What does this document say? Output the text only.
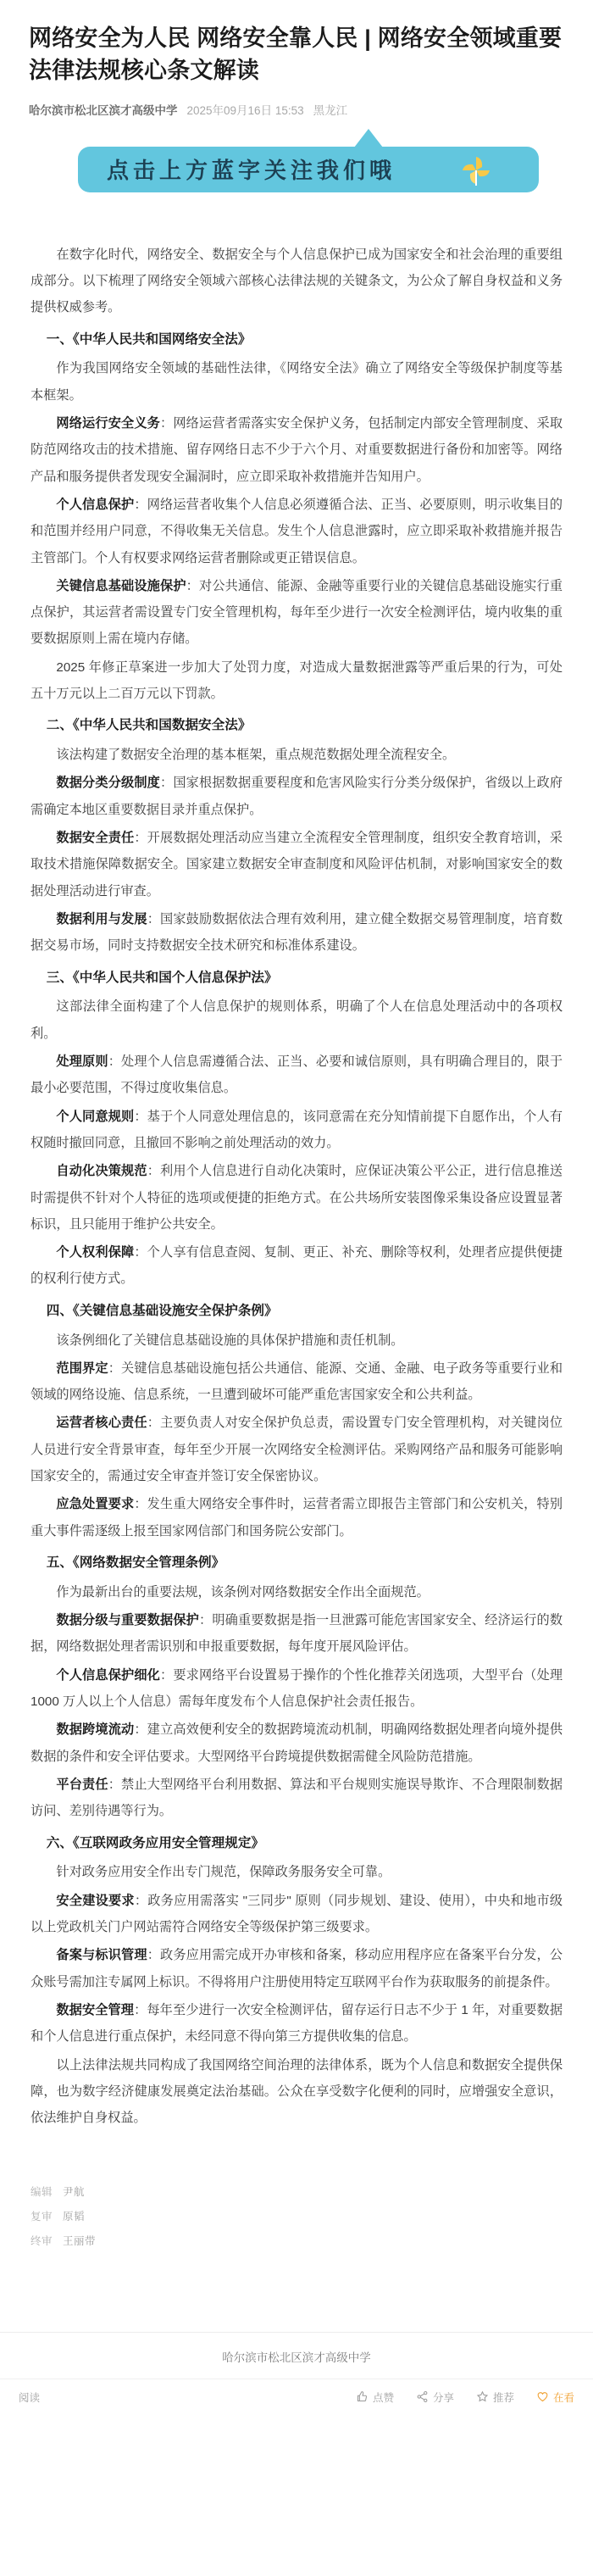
网络安全为人民 网络安全靠人民 | 网络安全领域重要法律法规核心条文解读
哈尔滨市松北区滨才高级中学 2025年09月16日 15:53 黑龙江
点击上方蓝字关注我们哦

在数字化时代，网络安全、数据安全与个人信息保护已成为国家安全和社会治理的重要组成部分。以下梳理了网络安全领域六部核心法律法规的关键条文，为公众了解自身权益和义务提供权威参考。

一、《中华人民共和国网络安全法》

作为我国网络安全领域的基础性法律，《网络安全法》确立了网络安全等级保护制度等基本框架。

网络运行安全义务：网络运营者需落实安全保护义务，包括制定内部安全管理制度、采取防范网络攻击的技术措施、留存网络日志不少于六个月、对重要数据进行备份和加密等。网络产品和服务提供者发现安全漏洞时，应立即采取补救措施并告知用户。

个人信息保护：网络运营者收集个人信息必须遵循合法、正当、必要原则，明示收集目的和范围并经用户同意，不得收集无关信息。发生个人信息泄露时，应立即采取补救措施并报告主管部门。个人有权要求网络运营者删除或更正错误信息。

关键信息基础设施保护：对公共通信、能源、金融等重要行业的关键信息基础设施实行重点保护，其运营者需设置专门安全管理机构，每年至少进行一次安全检测评估，境内收集的重要数据原则上需在境内存储。

2025 年修正草案进一步加大了处罚力度，对造成大量数据泄露等严重后果的行为，可处五十万元以上二百万元以下罚款。

二、《中华人民共和国数据安全法》

该法构建了数据安全治理的基本框架，重点规范数据处理全流程安全。

数据分类分级制度：国家根据数据重要程度和危害风险实行分类分级保护，省级以上政府需确定本地区重要数据目录并重点保护。

数据安全责任：开展数据处理活动应当建立全流程安全管理制度，组织安全教育培训，采取技术措施保障数据安全。国家建立数据安全审查制度和风险评估机制，对影响国家安全的数据处理活动进行审查。

数据利用与发展：国家鼓励数据依法合理有效利用，建立健全数据交易管理制度，培育数据交易市场，同时支持数据安全技术研究和标准体系建设。

三、《中华人民共和国个人信息保护法》

这部法律全面构建了个人信息保护的规则体系，明确了个人在信息处理活动中的各项权利。

处理原则：处理个人信息需遵循合法、正当、必要和诚信原则，具有明确合理目的，限于最小必要范围，不得过度收集信息。

个人同意规则：基于个人同意处理信息的，该同意需在充分知情前提下自愿作出，个人有权随时撤回同意，且撤回不影响之前处理活动的效力。

自动化决策规范：利用个人信息进行自动化决策时，应保证决策公平公正，进行信息推送时需提供不针对个人特征的选项或便捷的拒绝方式。在公共场所安装图像采集设备应设置显著标识，且只能用于维护公共安全。

个人权利保障：个人享有信息查阅、复制、更正、补充、删除等权利，处理者应提供便捷的权利行使方式。

四、《关键信息基础设施安全保护条例》

该条例细化了关键信息基础设施的具体保护措施和责任机制。

范围界定：关键信息基础设施包括公共通信、能源、交通、金融、电子政务等重要行业和领域的网络设施、信息系统，一旦遭到破坏可能严重危害国家安全和公共利益。

运营者核心责任：主要负责人对安全保护负总责，需设置专门安全管理机构，对关键岗位人员进行安全背景审查，每年至少开展一次网络安全检测评估。采购网络产品和服务可能影响国家安全的，需通过安全审查并签订安全保密协议。

应急处置要求：发生重大网络安全事件时，运营者需立即报告主管部门和公安机关，特别重大事件需逐级上报至国家网信部门和国务院公安部门。

五、《网络数据安全管理条例》

作为最新出台的重要法规，该条例对网络数据安全作出全面规范。

数据分级与重要数据保护：明确重要数据是指一旦泄露可能危害国家安全、经济运行的数据，网络数据处理者需识别和申报重要数据，每年度开展风险评估。

个人信息保护细化：要求网络平台设置易于操作的个性化推荐关闭选项，大型平台（处理 1000 万人以上个人信息）需每年度发布个人信息保护社会责任报告。

数据跨境流动：建立高效便利安全的数据跨境流动机制，明确网络数据处理者向境外提供数据的条件和安全评估要求。大型网络平台跨境提供数据需健全风险防范措施。

平台责任：禁止大型网络平台利用数据、算法和平台规则实施误导欺诈、不合理限制数据访问、差别待遇等行为。

六、《互联网政务应用安全管理规定》

针对政务应用安全作出专门规范，保障政务服务安全可靠。

安全建设要求：政务应用需落实 "三同步" 原则（同步规划、建设、使用），中央和地市级以上党政机关门户网站需符合网络安全等级保护第三级要求。

备案与标识管理：政务应用需完成开办审核和备案，移动应用程序应在备案平台分发，公众账号需加注专属网上标识。不得将用户注册使用特定互联网平台作为获取服务的前提条件。

数据安全管理：每年至少进行一次安全检测评估，留存运行日志不少于 1 年，对重要数据和个人信息进行重点保护，未经同意不得向第三方提供收集的信息。

以上法律法规共同构成了我国网络空间治理的法律体系，既为个人信息和数据安全提供保障，也为数字经济健康发展奠定法治基础。公众在享受数字化便利的同时，应增强安全意识，依法维护自身权益。

编辑 尹航
复审 原韬
终审 王丽带
哈尔滨市松北区滨才高级中学
阅读	点赞	分享	推荐	在看
